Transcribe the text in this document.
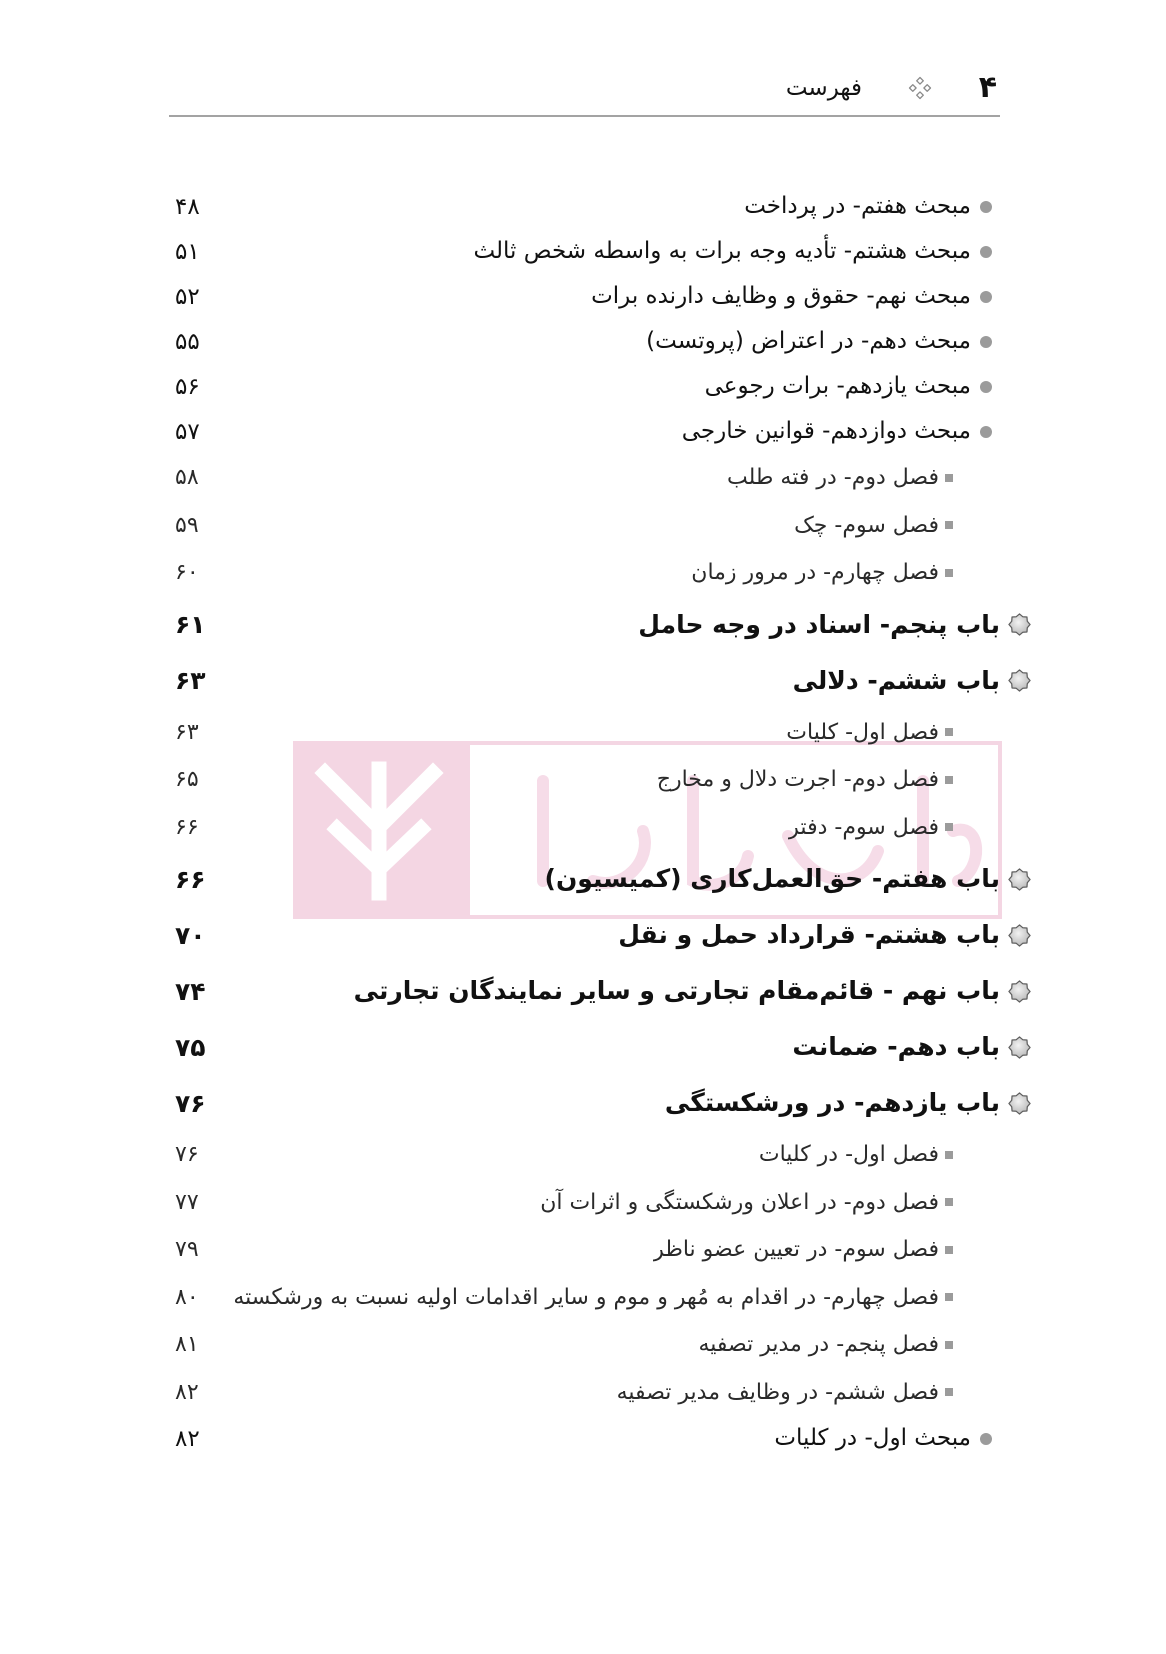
۴
فهرست
مبحث هفتم- در پرداخت
۴۸
مبحث هشتم- تأدیه وجه برات به واسطه شخص ثالث
۵۱
مبحث نهم- حقوق و وظایف دارنده برات
۵۲
مبحث دهم- در اعتراض (پروتست)
۵۵
مبحث یازدهم- برات رجوعی
۵۶
مبحث دوازدهم- قوانین خارجی
۵۷
فصل دوم- در فته طلب
۵۸
فصل سوم- چک
۵۹
فصل چهارم- در مرور زمان
۶۰
باب پنجم- اسناد در وجه حامل
۶۱
باب ششم- دلالی
۶۳
فصل اول- کلیات
۶۳
فصل دوم- اجرت دلال و مخارج
۶۵
فصل سوم- دفتر
۶۶
باب هفتم- حق‌العمل‌کاری (کمیسیون)
۶۶
باب هشتم- قرارداد حمل و نقل
۷۰
باب نهم - قائم‌مقام تجارتی و سایر نمایندگان تجارتی
۷۴
باب دهم- ضمانت
۷۵
باب یازدهم- در ورشکستگی
۷۶
فصل اول- در کلیات
۷۶
فصل دوم- در اعلان ورشکستگی و اثرات آن
۷۷
فصل سوم- در تعیین عضو ناظر
۷۹
فصل چهارم- در اقدام به مُهر و موم و سایر اقدامات اولیه نسبت به ورشکسته
۸۰
فصل پنجم- در مدیر تصفیه
۸۱
فصل ششم- در وظایف مدیر تصفیه
۸۲
مبحث اول- در کلیات
۸۲
